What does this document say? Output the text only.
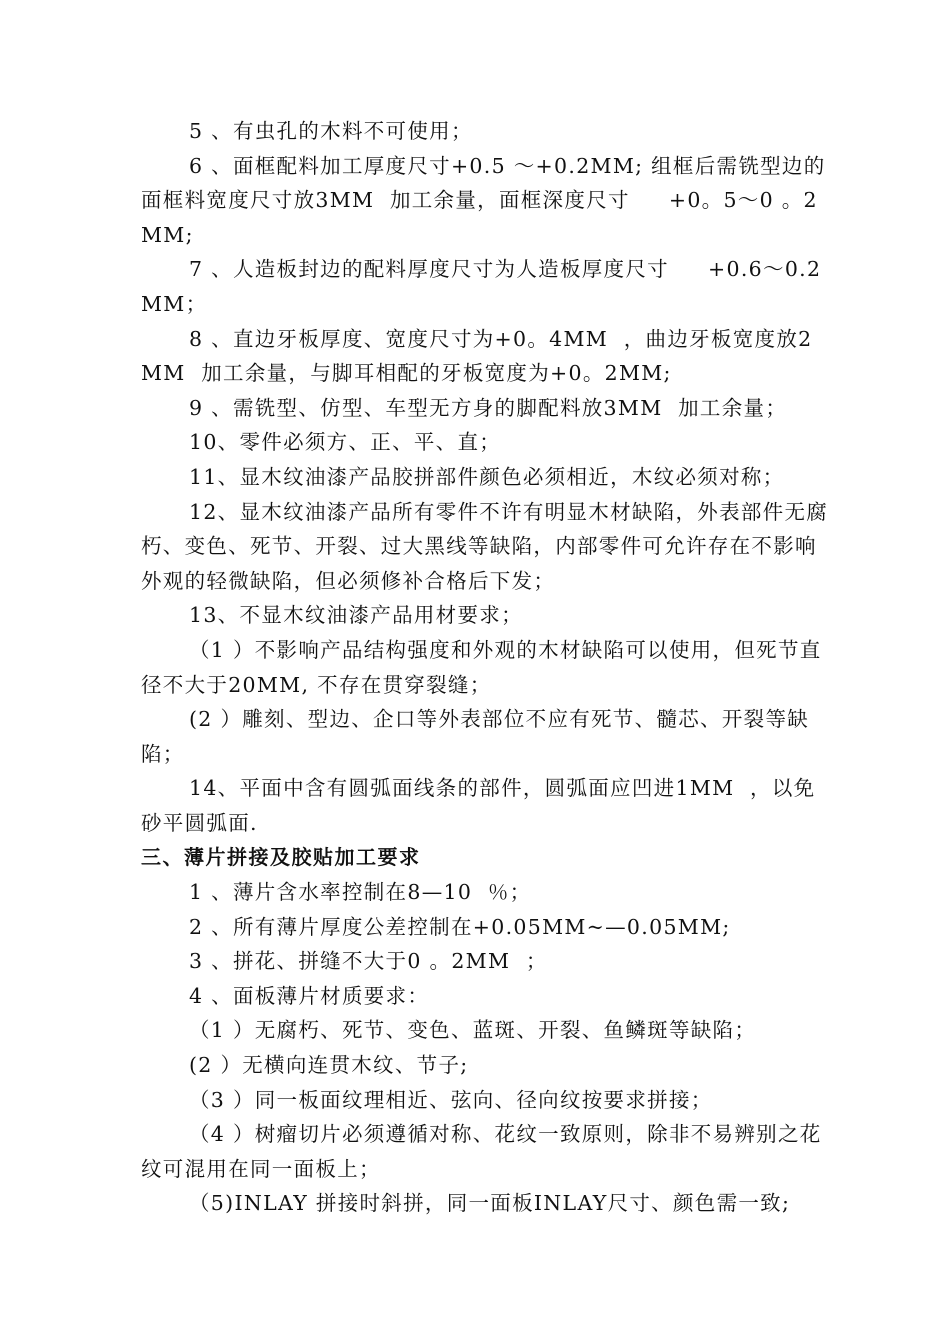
5 、有虫孔的木料不可使用；

6 、面框配料加工厚度尺寸+0.5 ～+0.2MM; 组框后需铣型边的面框料宽度尺寸放3MM  加工余量，面框深度尺寸     +0。5～0 。2MM;

7 、人造板封边的配料厚度尺寸为人造板厚度尺寸     +0.6～0.2MM；

8 、直边牙板厚度、宽度尺寸为+0。4MM  ，曲边牙板宽度放2MM  加工余量，与脚耳相配的牙板宽度为+0。2MM;

9 、需铣型、仿型、车型无方身的脚配料放3MM  加工余量；

10、零件必须方、正、平、直；

11、显木纹油漆产品胶拼部件颜色必须相近，木纹必须对称；

12、显木纹油漆产品所有零件不许有明显木材缺陷，外表部件无腐朽、变色、死节、开裂、过大黑线等缺陷，内部零件可允许存在不影响外观的轻微缺陷，但必须修补合格后下发；

13、不显木纹油漆产品用材要求；

（1 ）不影响产品结构强度和外观的木材缺陷可以使用，但死节直径不大于20MM, 不存在贯穿裂缝；

(2 ）雕刻、型边、企口等外表部位不应有死节、髓芯、开裂等缺陷；

14、平面中含有圆弧面线条的部件，圆弧面应凹进1MM  ，以免砂平圆弧面.

三、薄片拼接及胶贴加工要求

1 、薄片含水率控制在8—10  ％；

2 、所有薄片厚度公差控制在+0.05MM~—0.05MM;

3 、拼花、拼缝不大于0 。2MM  ；

4 、面板薄片材质要求：

（1 ）无腐朽、死节、变色、蓝斑、开裂、鱼鳞斑等缺陷；

(2 ）无横向连贯木纹、节子;

（3 ）同一板面纹理相近、弦向、径向纹按要求拼接；

（4 ）树瘤切片必须遵循对称、花纹一致原则，除非不易辨别之花纹可混用在同一面板上；

（5)INLAY 拼接时斜拼，同一面板INLAY尺寸、颜色需一致;
